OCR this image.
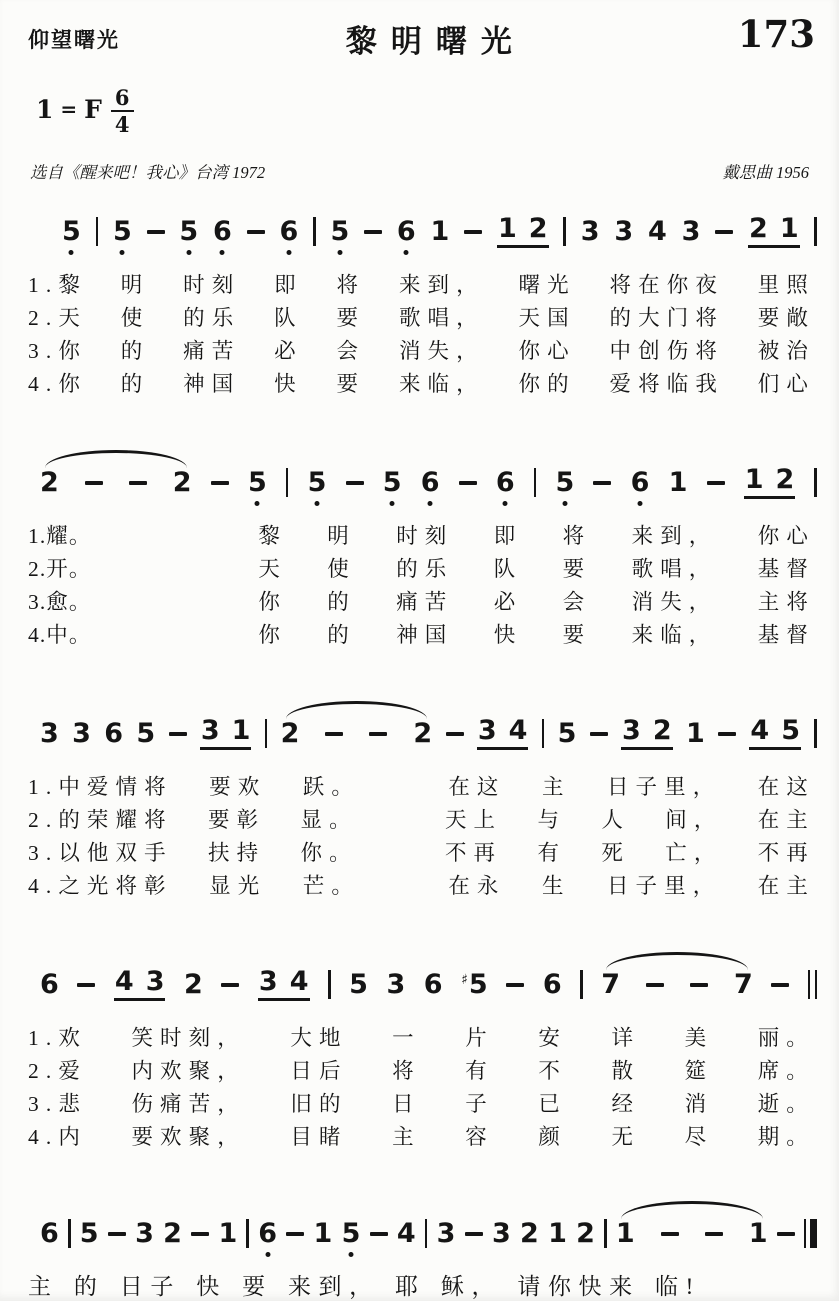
仰望曙光	黎明曙光	173
1 = F $\frac{6}{4}$
选自《醒来吧！我心》台湾 1972	戴思曲 1956
5 5 5 6 6 5 6 1 1 2 3 3 4 3 2 1
1.黎 明 时刻 即 将 来到， 曙光 将在你夜 里照
2.天 使 的乐 队 要 歌唱， 天国 的大门将 要敞
3.你 的 痛苦 必 会 消失， 你心 中创伤将 被治
4.你 的 神国 快 要 来临， 你的 爱将临我 们心
2	2 5 5 5 6 6 5 6 1 1 2
1.耀。	黎 明 时刻 即 将 来到， 你心
2.开。	天 使 的乐 队 要 歌唱， 基督
3.愈。	你 的 痛苦 必 会 消失， 主将
4.中。	你 的 神国 快 要 来临， 基督
3 3 6 5 3 1 2	2 3 4 5 3 2 1 4 5
1.中爱情将 要欢 跃。	在这 主 日子里， 在这
2.的荣耀将 要彰 显。	天上 与 人 间， 在主
3.以他双手 扶持 你。	不再 有 死 亡， 不再
4.之光将彰 显光 芒。	在永 生 日子里， 在主
6 4 3 2 3 4 5 3 6 ♯5 6 7	7
1.欢 笑时刻， 大地 一 片 安 详 美 丽。
2.爱 内欢聚， 日后 将 有 不 散 筵 席。
3.悲 伤痛苦， 旧的 日 子 已 经 消 逝。
4.内 要欢聚， 目睹 主 容 颜 无 尽 期。
6 5 3 2 1 6 1 5 4 3 3 2 1 2 1	1
主 的 日子 快 要 来到， 耶 稣， 请你快来 临!
